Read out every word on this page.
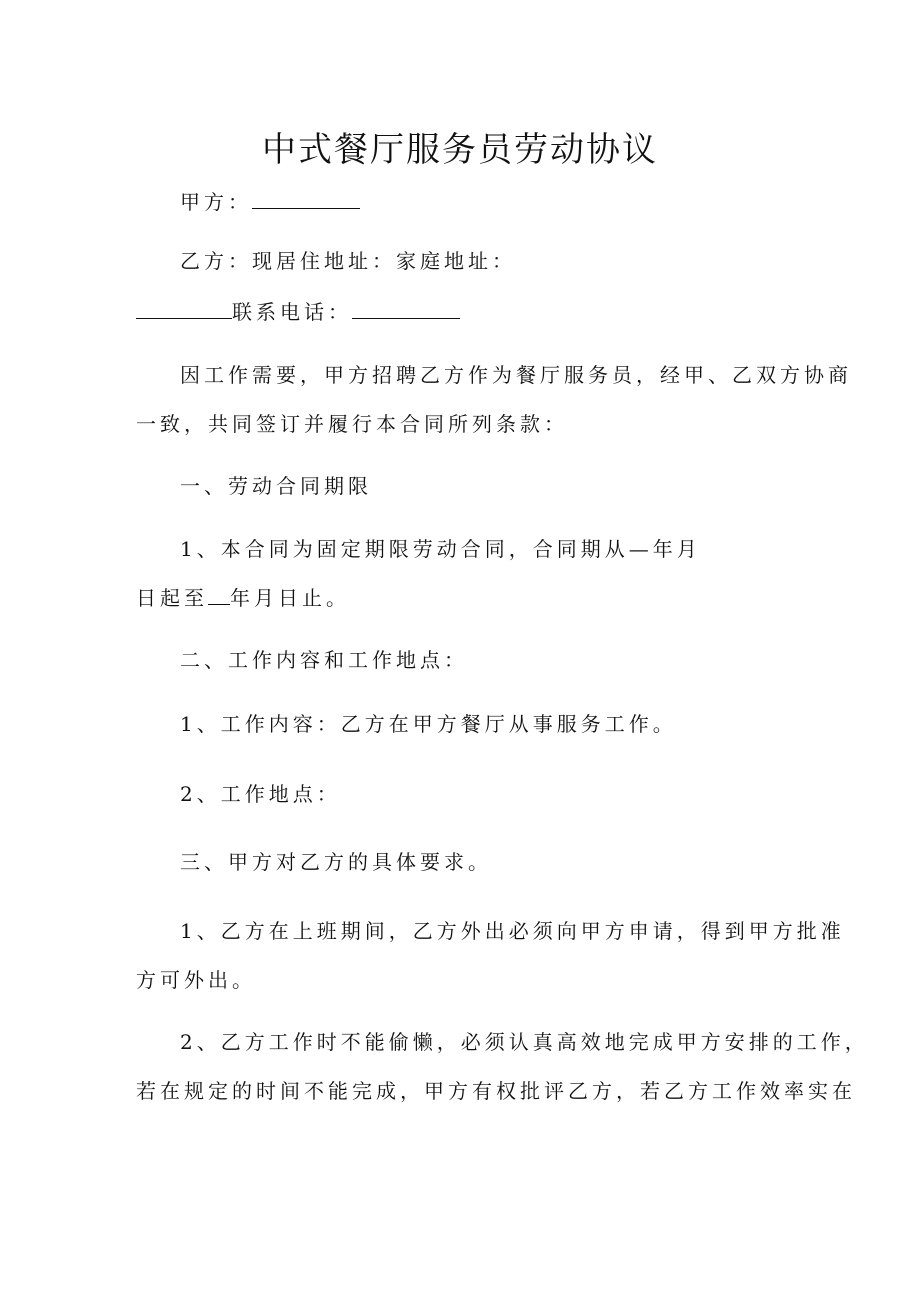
中式餐厅服务员劳动协议
甲方：
乙方：现居住地址：家庭地址：
联系电话：
因工作需要，甲方招聘乙方作为餐厅服务员，经甲、乙双方协商
一致，共同签订并履行本合同所列条款：
一、劳动合同期限
1、本合同为固定期限劳动合同，合同期从—年月
日起至 年月日止。
二、工作内容和工作地点：
1、工作内容：乙方在甲方餐厅从事服务工作。
2、工作地点：
三、甲方对乙方的具体要求。
1、乙方在上班期间，乙方外出必须向甲方申请，得到甲方批准
方可外出。
2、乙方工作时不能偷懒，必须认真高效地完成甲方安排的工作，
若在规定的时间不能完成，甲方有权批评乙方，若乙方工作效率实在
